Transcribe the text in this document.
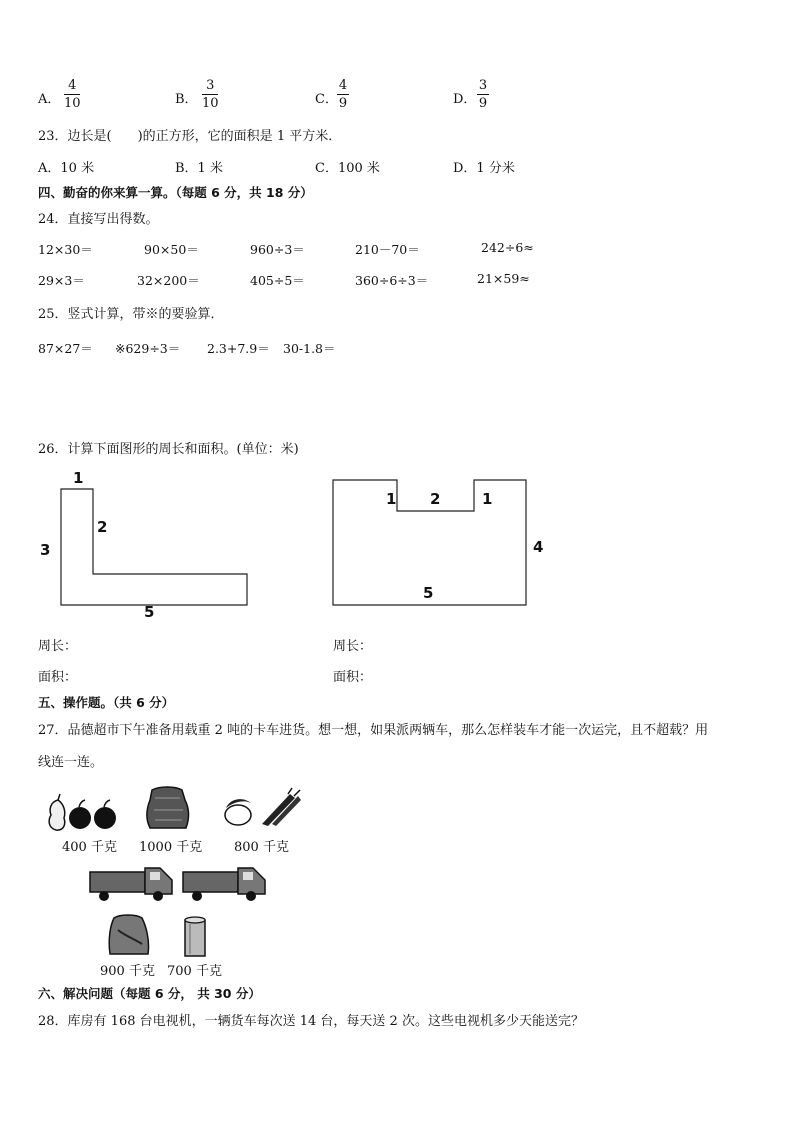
A．
4
10	B．
3
10	C．
4
9	D．
3
9
23．边长是(　　)的正方形，它的面积是 1 平方米．
A．10 米	B．1 米	C．100 米	D．1 分米
四、勤奋的你来算一算。（每题 6 分，共 18 分）
24．直接写出得数。
12×30＝	90×50＝	960÷3＝	210－70＝	242÷6≈
29×3＝	32×200＝	405÷5＝	360÷6÷3＝	21×59≈
25．竖式计算，带※的要验算．
87×27＝ ※629÷3＝ 2.3+7.9＝ 30-1.8＝
26．计算下面图形的周长和面积。(单位：米)
1
2
3
5
1 2	1
4
5
周长：	周长：
面积：	面积：
五、操作题。（共 6 分）
27．品德超市下午准备用载重 2 吨的卡车进货。想一想，如果派两辆车，那么怎样装车才能一次运完，且不超载？用
线连一连。
400 千克 1000 千克 800 千克
900 千克 700 千克
六、解决问题（每题 6 分， 共 30 分）
28．库房有 168 台电视机，一辆货车每次送 14 台，每天送 2 次。这些电视机多少天能送完？
